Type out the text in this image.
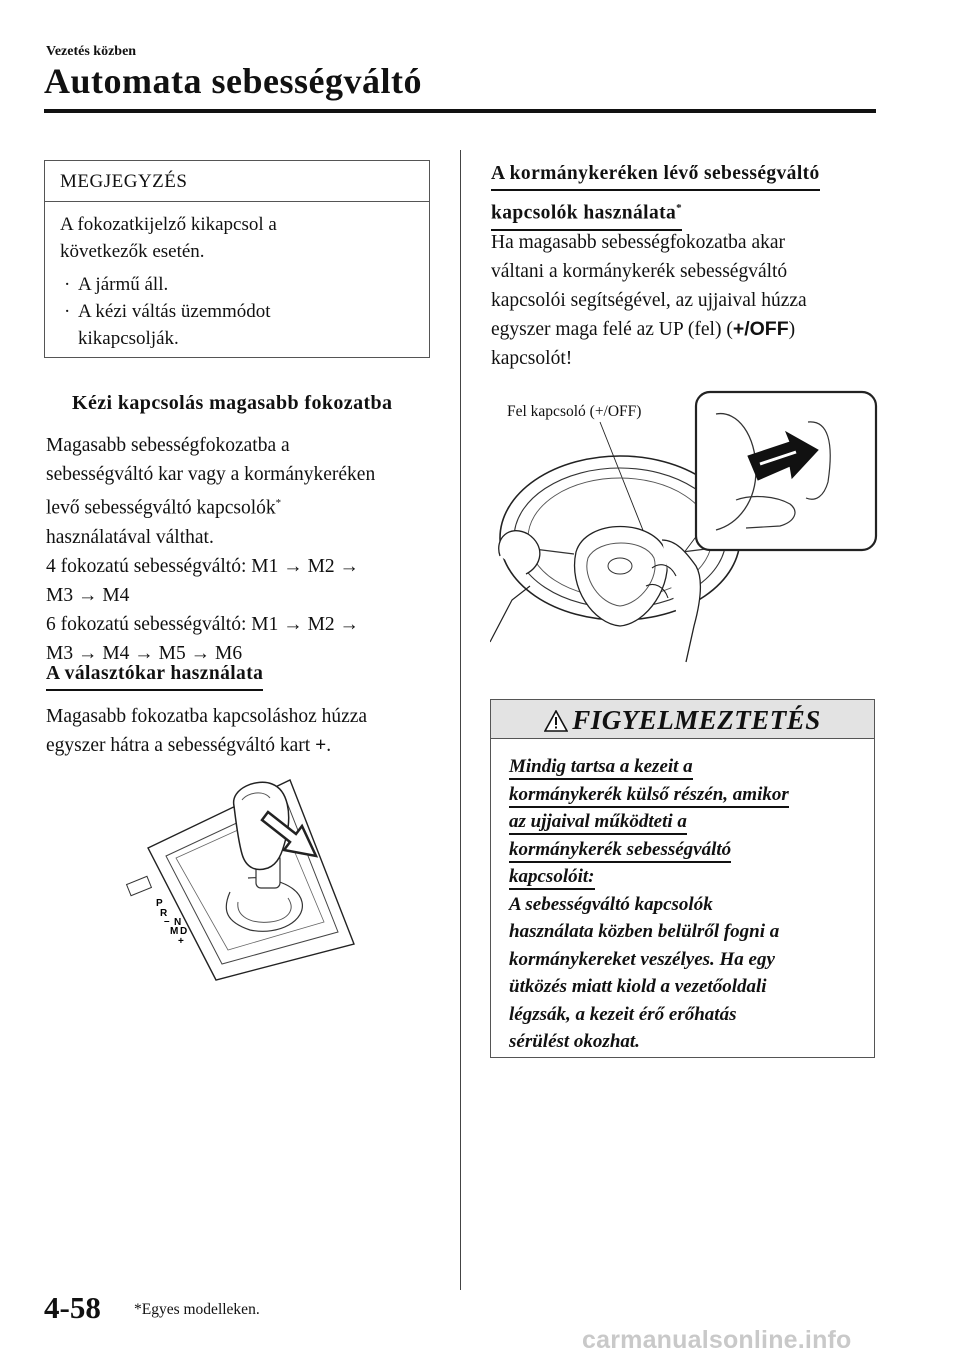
Vezetés közben
Automata sebességváltó
MEGJEGYZÉS
A fokozatkijelző kikapcsol a
következők esetén.
· A jármű áll.
· A kézi váltás üzemmódot
kikapcsolják.
Kézi kapcsolás magasabb fokozatba
Magasabb sebességfokozatba a
sebességváltó kar vagy a kormánykeréken
levő sebességváltó kapcsolók*
használatával válthat.
4 fokozatú sebességváltó: M1 → M2 →
M3 → M4
6 fokozatú sebességváltó: M1 → M2 →
M3 → M4 → M5 → M6
A választókar használata
Magasabb fokozatba kapcsoláshoz húzza
egyszer hátra a sebességváltó kart +.
P
R
N
D
M
–
+
A kormánykeréken lévő sebességváltó
kapcsolók használata*
Ha magasabb sebességfokozatba akar
váltani a kormánykerék sebességváltó
kapcsolói segítségével, az ujjaival húzza
egyszer maga felé az UP (fel) (+/OFF)
kapcsolót!
Fel kapcsoló (+/OFF)
FIGYELMEZTETÉS
Mindig tartsa a kezeit a
kormánykerék külső részén, amikor
az ujjaival működteti a
kormánykerék sebességváltó
kapcsolóit:
A sebességváltó kapcsolók
használata közben belülről fogni a
kormánykereket veszélyes. Ha egy
ütközés miatt kiold a vezetőoldali
légzsák, a kezeit érő erőhatás
sérülést okozhat.
4-58 *Egyes modelleken.
carmanualsonline.info
